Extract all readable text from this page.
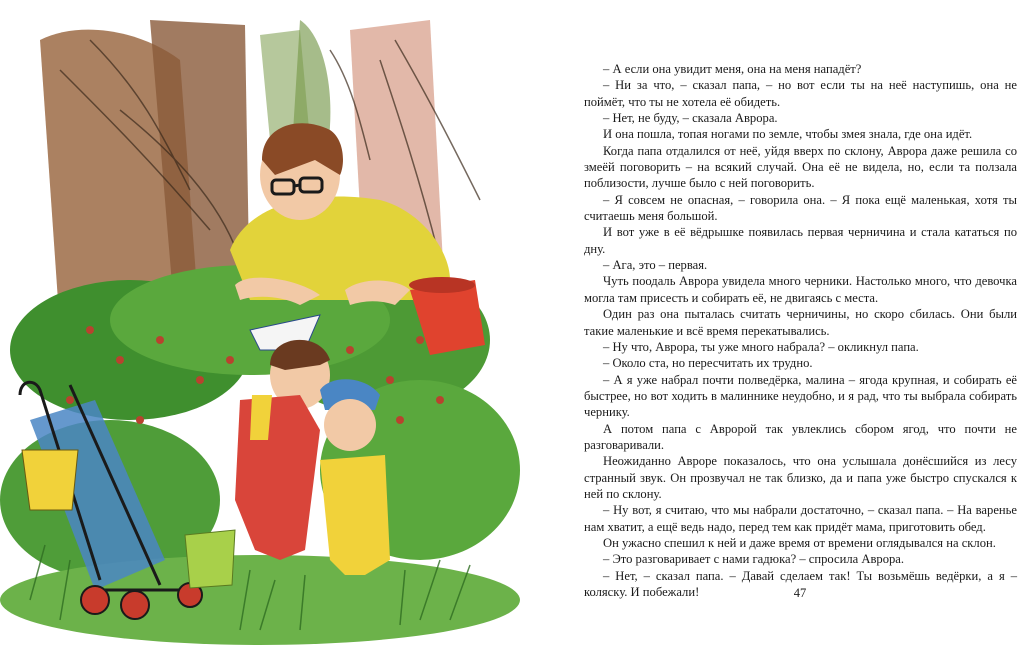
– А если она увидит меня, она на меня нападёт?

– Ни за что, – сказал папа, – но вот если ты на неё наступишь, она не поймёт, что ты не хотела её обидеть.

– Нет, не буду, – сказала Аврора.

И она пошла, топая ногами по земле, чтобы змея знала, где она идёт.

Когда папа отдалился от неё, уйдя вверх по склону, Аврора даже решила со змеёй поговорить – на всякий случай. Она её не видела, но, если та ползала поблизости, лучше было с ней поговорить.

– Я совсем не опасная, – говорила она. – Я пока ещё маленькая, хотя ты считаешь меня большой.

И вот уже в её вёдрышке появилась первая черничина и стала кататься по дну.

– Ага, это – первая.

Чуть поодаль Аврора увидела много черники. Настолько много, что девочка могла там присесть и собирать её, не двигаясь с места.

Один раз она пыталась считать черничины, но скоро сбилась. Они были такие маленькие и всё время перекатывались.

– Ну что, Аврора, ты уже много набрала? – окликнул папа.

– Около ста, но пересчитать их трудно.

– А я уже набрал почти полведёрка, малина – ягода крупная, и собирать её быстрее, но вот ходить в малиннике неудобно, и я рад, что ты выбрала собирать чернику.

А потом папа с Авророй так увлеклись сбором ягод, что почти не разговаривали.

Неожиданно Авроре показалось, что она услышала донёсшийся из лесу странный звук. Он прозвучал не так близко, да и папа уже быстро спускался к ней по склону.

– Ну вот, я считаю, что мы набрали достаточно, – сказал папа. – На варенье нам хватит, а ещё ведь надо, перед тем как придёт мама, приготовить обед.

Он ужасно спешил к ней и даже время от времени оглядывался на склон.

– Это разговаривает с нами гадюка? – спросила Аврора.

– Нет, – сказал папа. – Давай сделаем так! Ты возьмёшь ведёрки, а я – коляску. И побежали!	47
